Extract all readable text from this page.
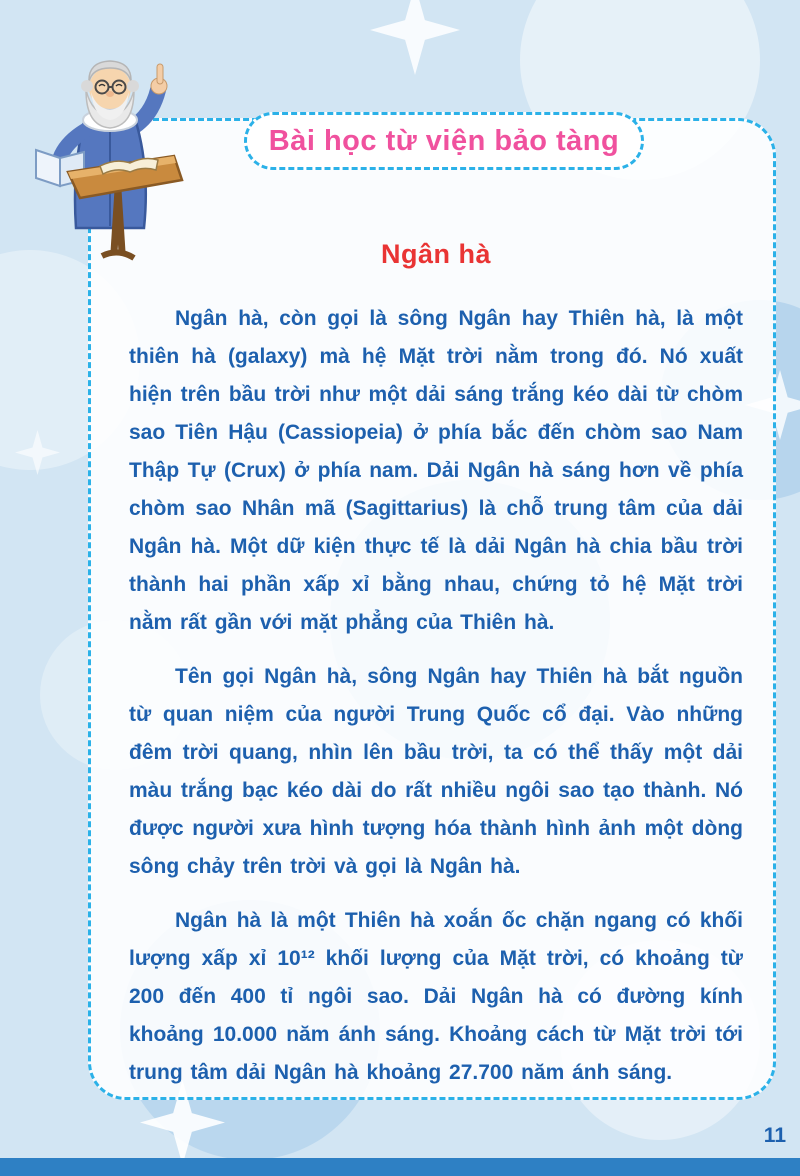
Ngân hà

Ngân hà, còn gọi là sông Ngân hay Thiên hà, là một thiên hà (galaxy) mà hệ Mặt trời nằm trong đó. Nó xuất hiện trên bầu trời như một dải sáng trắng kéo dài từ chòm sao Tiên Hậu (Cassiopeia) ở phía bắc đến chòm sao Nam Thập Tự (Crux) ở phía nam. Dải Ngân hà sáng hơn về phía chòm sao Nhân mã (Sagittarius) là chỗ trung tâm của dải Ngân hà. Một dữ kiện thực tế là dải Ngân hà chia bầu trời thành hai phần xấp xỉ bằng nhau, chứng tỏ hệ Mặt trời nằm rất gần với mặt phẳng của Thiên hà.

Tên gọi Ngân hà, sông Ngân hay Thiên hà bắt nguồn từ quan niệm của người Trung Quốc cổ đại. Vào những đêm trời quang, nhìn lên bầu trời, ta có thể thấy một dải màu trắng bạc kéo dài do rất nhiều ngôi sao tạo thành. Nó được người xưa hình tượng hóa thành hình ảnh một dòng sông chảy trên trời và gọi là Ngân hà.

Ngân hà là một Thiên hà xoắn ốc chặn ngang có khối lượng xấp xỉ 10¹² khối lượng của Mặt trời, có khoảng từ 200 đến 400 tỉ ngôi sao. Dải Ngân hà có đường kính khoảng 10.000 năm ánh sáng. Khoảng cách từ Mặt trời tới trung tâm dải Ngân hà khoảng 27.700 năm ánh sáng.

Bài học từ viện bảo tàng
11
